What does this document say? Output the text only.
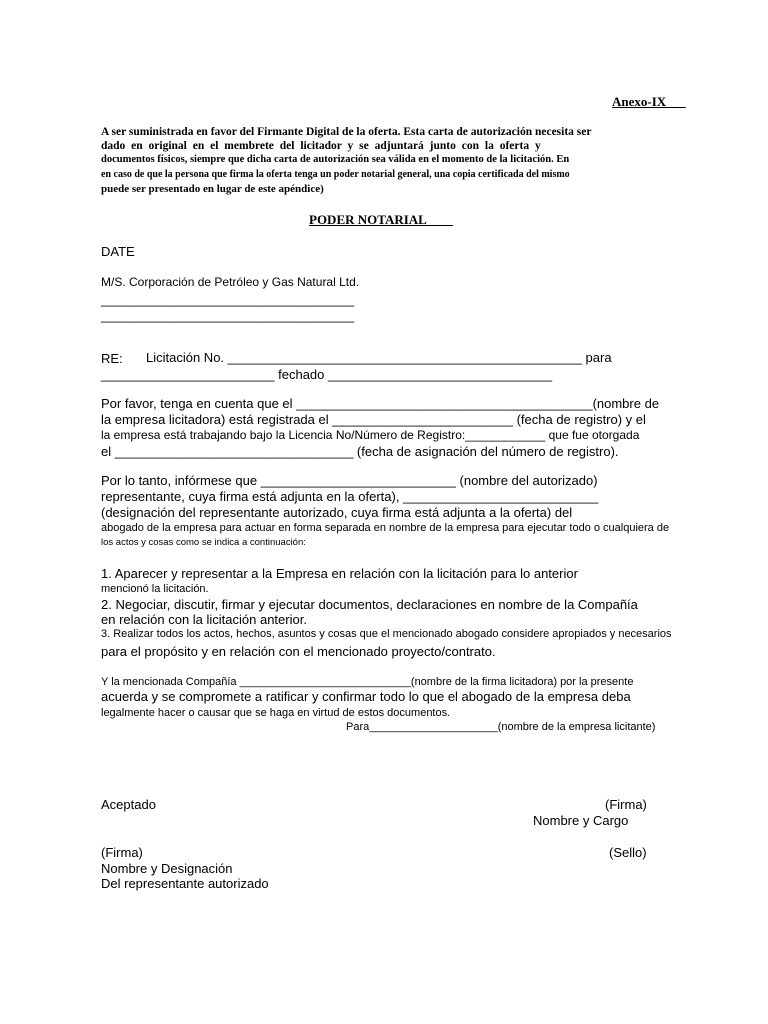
Anexo-IX___
A ser suministrada en favor del Firmante Digital de la oferta. Esta carta de autorización necesita ser
dado en original en el membrete del licitador y se adjuntará junto con la oferta y
documentos físicos, siempre que dicha carta de autorización sea válida en el momento de la licitación. En
en caso de que la persona que firma la oferta tenga un poder notarial general, una copia certificada del mismo
puede ser presentado en lugar de este apéndice)
PODER NOTARIAL____
DATE
M/S. Corporación de Petróleo y Gas Natural Ltd.
___________________________________
___________________________________
RE: Licitación No. _________________________________________________ para
________________________ fechado _______________________________
Por favor, tenga en cuenta que el _________________________________________(nombre de
la empresa licitadora) está registrada el _________________________ (fecha de registro) y el
la empresa está trabajando bajo la Licencia No/Número de Registro:____________ que fue otorgada
el _________________________________ (fecha de asignación del número de registro).
Por lo tanto, infórmese que ___________________________ (nombre del autorizado)
representante, cuya firma está adjunta en la oferta), ___________________________
(designación del representante autorizado, cuya firma está adjunta a la oferta) del
abogado de la empresa para actuar en forma separada en nombre de la empresa para ejecutar todo o cualquiera de
los actos y cosas como se indica a continuación:
1. Aparecer y representar a la Empresa en relación con la licitación para lo anterior
mencionó la licitación.
2. Negociar, discutir, firmar y ejecutar documentos, declaraciones en nombre de la Compañía
en relación con la licitación anterior.
3. Realizar todos los actos, hechos, asuntos y cosas que el mencionado abogado considere apropiados y necesarios
para el propósito y en relación con el mencionado proyecto/contrato.
Y la mencionada Compañía ____________________________(nombre de la firma licitadora) por la presente
acuerda y se compromete a ratificar y confirmar todo lo que el abogado de la empresa deba
legalmente hacer o causar que se haga en virtud de estos documentos.
Para_____________________(nombre de la empresa licitante)
Aceptado	(Firma)
Nombre y Cargo
(Firma)	(Sello)
Nombre y Designación
Del representante autorizado
